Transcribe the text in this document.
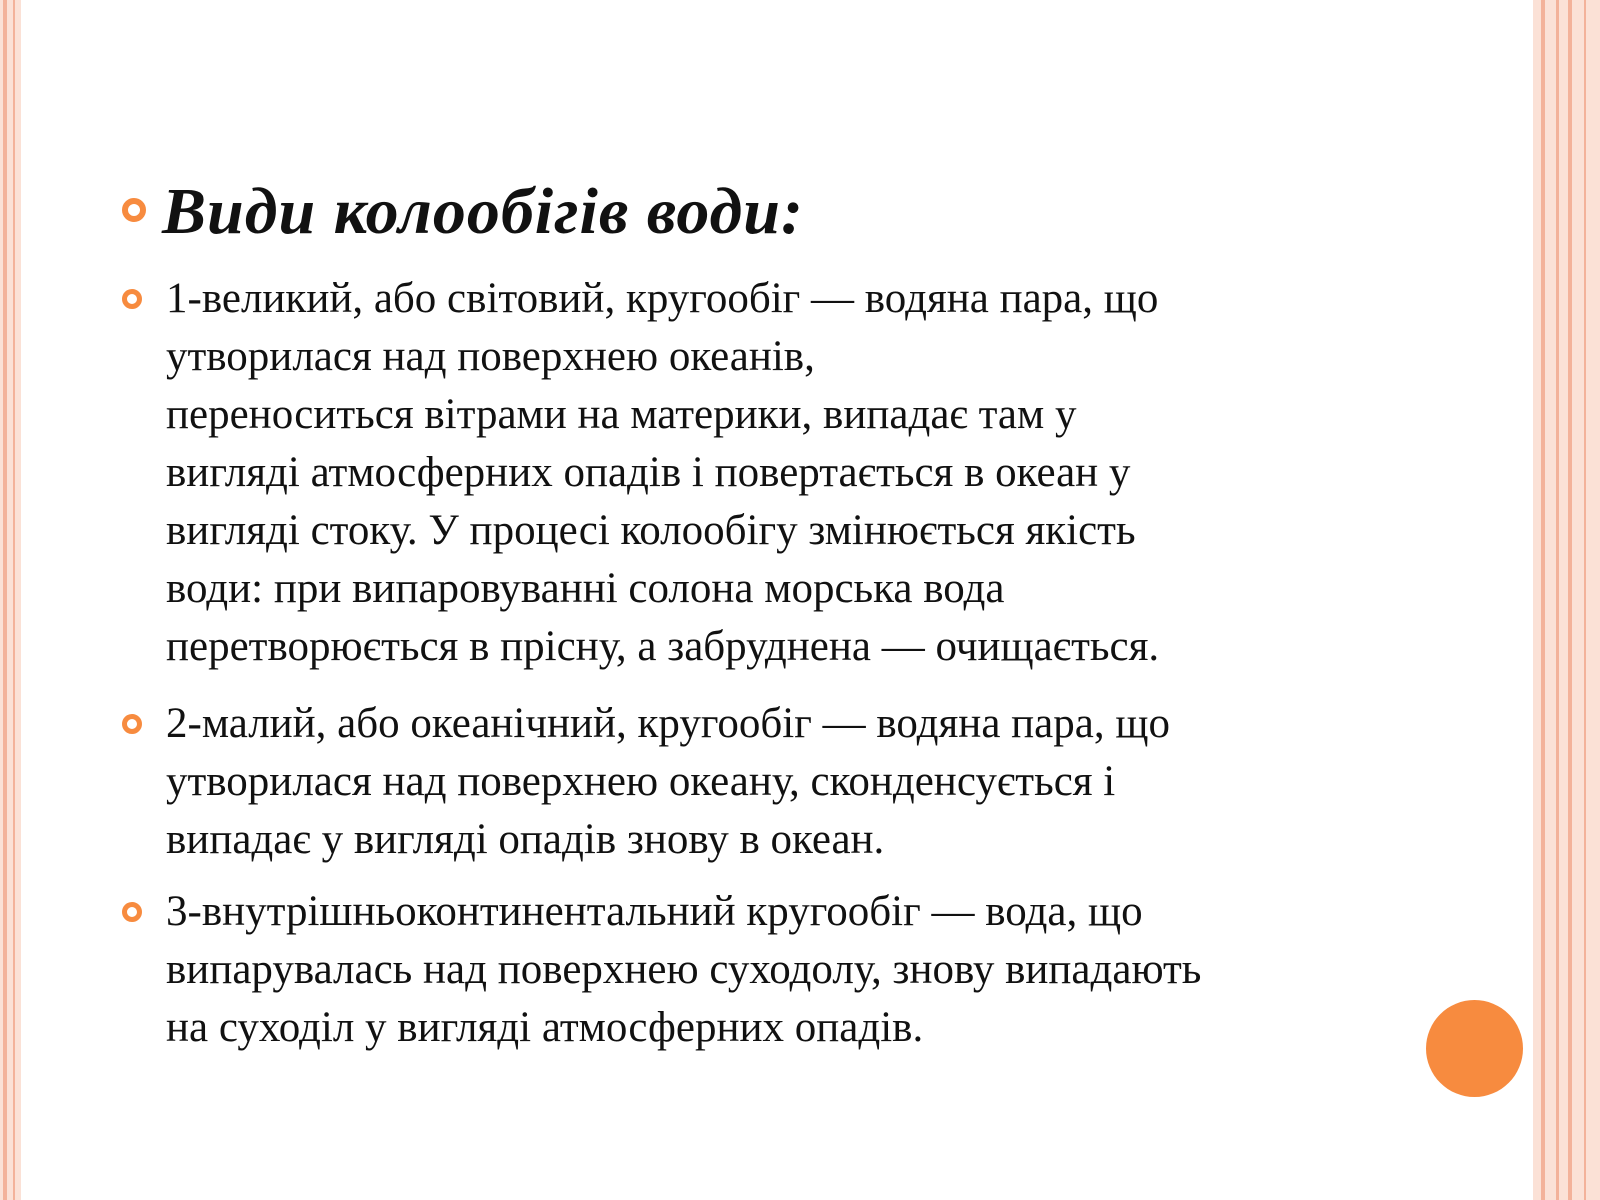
Види колообігів води:

1-великий, або світовий, кругообіг — водяна пара, що
утворилася над поверхнею океанів,
переноситься вітрами на материки, випадає там у
вигляді атмосферних опадів і повертається в океан у
вигляді стоку. У процесі колообігу змінюється якість
води: при випаровуванні солона морська вода
перетворюється в прісну, а забруднена — очищається.

2-малий, або океанічний, кругообіг — водяна пара, що
утворилася над поверхнею океану, сконденсується і
випадає у вигляді опадів знову в океан.

3-внутрішньоконтинентальний кругообіг — вода, що
випарувалась над поверхнею суходолу, знову випадають
на суходіл у вигляді атмосферних опадів.
